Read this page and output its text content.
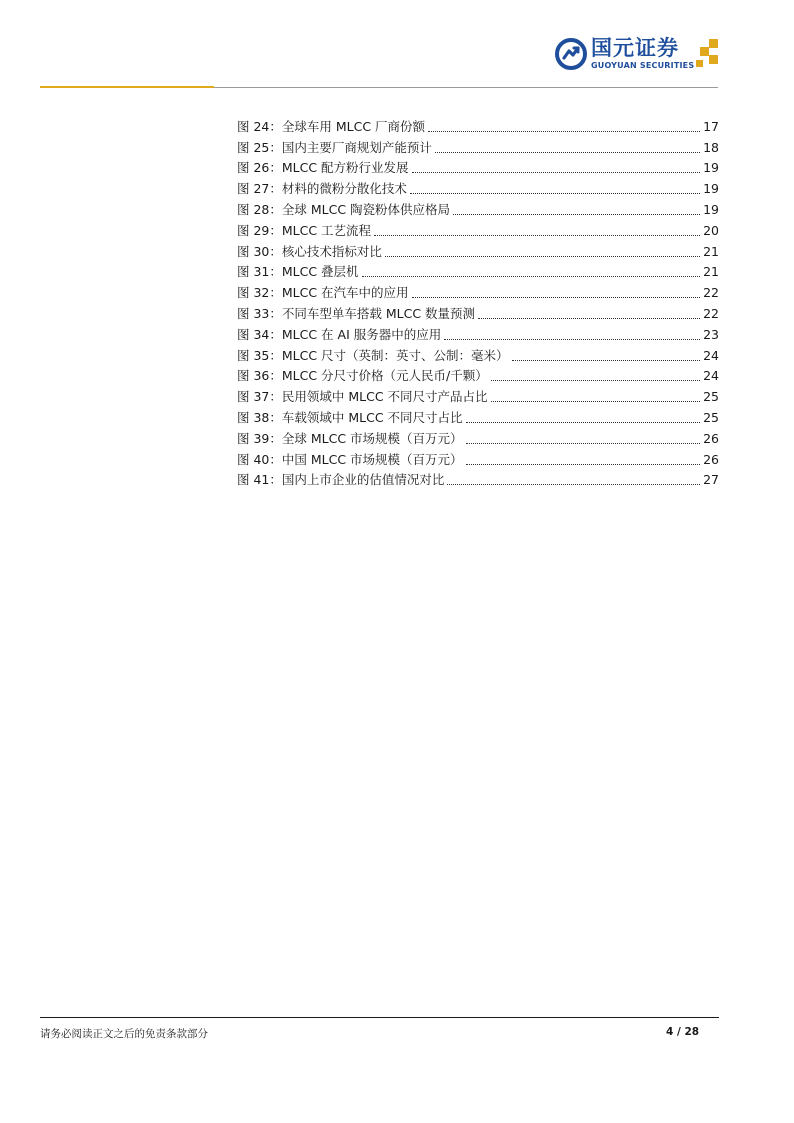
国元证券
GUOYUAN SECURITIES
图 24：全球车用 MLCC 厂商份额	17
图 25：国内主要厂商规划产能预计	18
图 26：MLCC 配方粉行业发展	19
图 27：材料的微粉分散化技术	19
图 28：全球 MLCC 陶瓷粉体供应格局	19
图 29：MLCC 工艺流程	20
图 30：核心技术指标对比	21
图 31：MLCC 叠层机	21
图 32：MLCC 在汽车中的应用	22
图 33：不同车型单车搭载 MLCC 数量预测	22
图 34：MLCC 在 AI 服务器中的应用	23
图 35：MLCC 尺寸（英制：英寸、公制：毫米）	24
图 36：MLCC 分尺寸价格（元人民币/千颗）	24
图 37：民用领域中 MLCC 不同尺寸产品占比	25
图 38：车载领域中 MLCC 不同尺寸占比	25
图 39：全球 MLCC 市场规模（百万元）	26
图 40：中国 MLCC 市场规模（百万元）	26
图 41：国内上市企业的估值情况对比	27
请务必阅读正文之后的免责条款部分	4 / 28
